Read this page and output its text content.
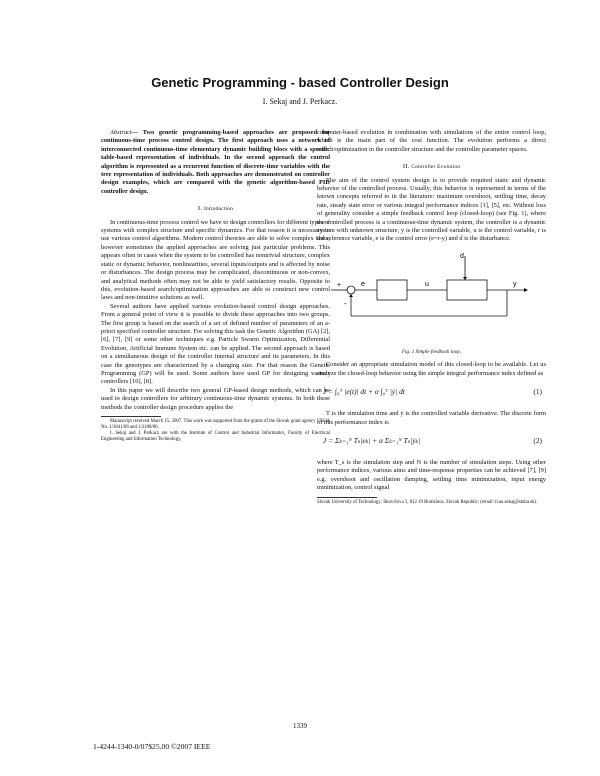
Genetic Programming - based Controller Design
I. Sekaj and J. Perkacz.

Abstract— Two genetic programming-based approaches are proposed for continuous-time process control design. The first approach uses a network of interconnected continuous-time elementary dynamic building blocs with a specific table-based representation of individuals. In the second approach the control algorithm is represented as a recurrent function of discrete-time variables with the tree representation of individuals. Both approaches are demonstrated on controller design examples, which are compared with the genetic algorithm-based PID controller design.

I. Introduction

In continuous-time process control we have to design controllers for different types of systems with complex structure and specific dynamics. For that reason it is necessary to use various control algorithms. Modern control theories are able to solve complex tasks, however sometimes the applied approaches are solving just particular problems. This appears often in cases when the system to be controlled has nontrivial structure, complex static or dynamic behavior, nonlinearities, several inputs/outputs and is affected by noise or disturbances. The design process may be complicated, discontinuous or non-convex, and analytical methods often may not be able to yield satisfactory results. Opposite to this, evolution-based search/optimization approaches are able to construct new control laws and non-intuitive solutions as well.

Several authors have applied various evolution-based control design approaches. From a general point of view it is possible to divide these approaches into two groups. The first group is based on the search of a set of defined number of parameters of an a-priori specified controller structure. For solving this task the Genetic Algorithm (GA) [2], [6], [7], [9] or some other techniques e.g. Particle Swarm Optimization, Differential Evolution, Artificial Immune System etc. can be applied. The second approach is based on a simultaneous design of the controller internal structure and its parameters. In this case the genotypes are characterized by a changing size. For that reason the Genetic Programming (GP) will be used. Some authors have used GP for designing various controllers [10], [8].

In this paper we will describe two general GP-based design methods, which can be used to design controllers for arbitrary continuous-time dynamic systems. In both these methods the controller design procedure applies the

Manuscript received March 15, 2007. This work was supported from the grants of the Slovak grant agency VEGA No. 1/3841/06 and 1/3108/06.

I. Sekaj and J. Perkacz are with the Institute of Control and Industrial Informatics, Faculty of Electrical Engineering and Information Technology,

computer-based evolution in combination with simulations of the entire control loop, which is the main part of the cost function. The evolution performs a direct search/optimization in the controller structure and the controller parameter spaces.

II. Controller Evolution

The aim of the control system design is to provide required static and dynamic behavior of the controlled process. Usually, this behavior is represented in terms of the known concepts referred to in the literature: maximum overshoot, settling time, decay rate, steady state error or various integral performance indices [1], [5], etc. Without loss of generality consider a simple feedback control loop (closed-loop) (see Fig. 1), where the controlled process is a continuous-time dynamic system, the controller is a dynamic system with unknown structure, y is the controlled variable, u is the control variable, r is the reference variable, e is the control error (e=r-y) and d is the disturbance.

d
e	u	y
+
-
Fig. 1 Simple feedback loop.

Consider an appropriate simulation model of this closed-loop to be available. Let us analyze the closed-loop behavior using the simple integral performance index defined as

J = ∫₀ᵀ |e(t)| dt + α ∫₀ᵀ |ẏ| dt	(1)

T is the simulation time and ẏ is the controlled variable derivative. The discrete form of this performance index is

J = Σₖ₌₁ᴺ Tₛ|eₖ| + α Σₖ₌₁ᴺ Tₛ|ẏₖ|	(2)

where T_s is the simulation step and N is the number of simulation steps. Using other performance indices, various aims and time-response properties can be achieved [7], [9] e.g. overshoot and oscillation damping, settling time minimization, input energy minimization, control signal

Slovak University of Technology; Ilkovičova 3, 812 19 Bratislava, Slovak Republic; (email: ivan.sekaj@stuba.sk).

1339
1-4244-1340-0/07$25.00 ©2007 IEEE
